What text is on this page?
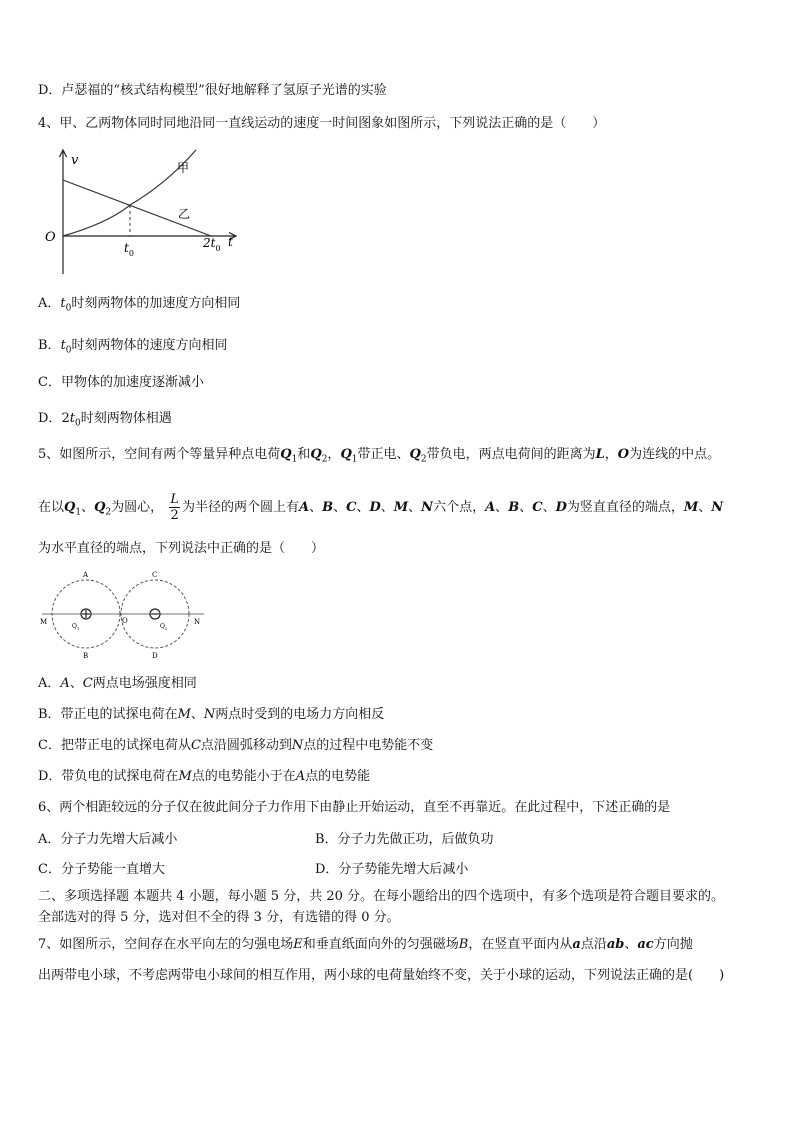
D．卢瑟福的“核式结构模型”很好地解释了氢原子光谱的实验
4、甲、乙两物体同时同地沿同一直线运动的速度一时间图象如图所示，下列说法正确的是（　　）
v
t
O
甲
乙
$t_0$
$2t_0$
A．$t_0$时刻两物体的加速度方向相同
B．$t_0$时刻两物体的速度方向相同
C．甲物体的加速度逐渐减小
D．$2t_0$时刻两物体相遇
5、如图所示，空间有两个等量异种点电荷$Q_1$和$Q_2$，$Q_1$带正电、$Q_2$带负电，两点电荷间的距离为L，O为连线的中点。
在以$Q_1$、$Q_2$为圆心， $\frac{L}{2}$ 为半径的两个圆上有A、B、C、D、M、N六个点，A、B、C、D为竖直直径的端点，M、N
为水平直径的端点，下列说法中正确的是（　　）
A
B
C
D
M	N
O
$Q_1$	$Q_2$
A．A、C两点电场强度相同
B．带正电的试探电荷在M、N两点时受到的电场力方向相反
C．把带正电的试探电荷从C点沿圆弧移动到N点的过程中电势能不变
D．带负电的试探电荷在M点的电势能小于在A点的电势能
6、两个相距较远的分子仅在彼此间分子力作用下由静止开始运动，直至不再靠近。在此过程中，下述正确的是
A．分子力先增大后减小	B．分子力先做正功，后做负功
C．分子势能一直增大	D．分子势能先增大后减小
二、多项选择题 本题共 4 小题，每小题 5 分，共 20 分。在每小题给出的四个选项中，有多个选项是符合题目要求的。
全部选对的得 5 分，选对但不全的得 3 分，有选错的得 0 分。
7、如图所示，空间存在水平向左的匀强电场E和垂直纸面向外的匀强磁场B，在竖直平面内从a点沿ab、ac方向抛
出两带电小球，不考虑两带电小球间的相互作用，两小球的电荷量始终不变，关于小球的运动，下列说法正确的是(　　)
